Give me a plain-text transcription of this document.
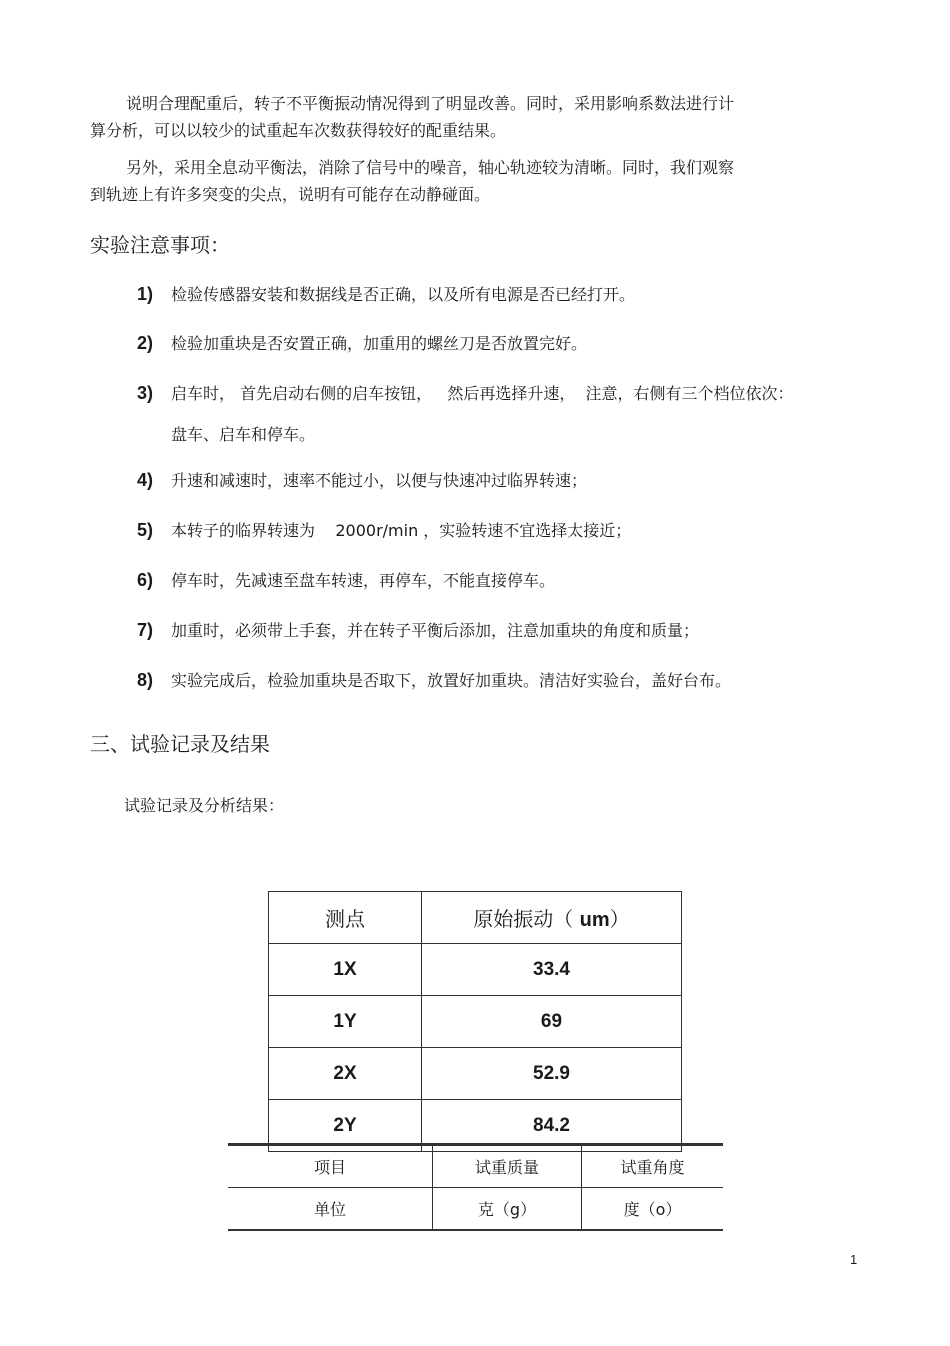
说明合理配重后，转子不平衡振动情况得到了明显改善。同时，采用影响系数法进行计
算分析，可以以较少的试重起车次数获得较好的配重结果。
另外，采用全息动平衡法，消除了信号中的噪音，轴心轨迹较为清晰。同时，我们观察
到轨迹上有许多突变的尖点，说明有可能存在动静碰面。
实验注意事项：
1)	检验传感器安装和数据线是否正确，以及所有电源是否已经打开。
2)	检验加重块是否安置正确，加重用的螺丝刀是否放置完好。
3)	启车时， 首先启动右侧的启车按钮，   然后再选择升速，  注意，右侧有三个档位依次：
盘车、启车和停车。
4)	升速和减速时，速率不能过小，以便与快速冲过临界转速；
5)	本转子的临界转速为    2000r/min ，实验转速不宜选择太接近；
6)	停车时，先减速至盘车转速，再停车，不能直接停车。
7)	加重时，必须带上手套，并在转子平衡后添加，注意加重块的角度和质量；
8)	实验完成后，检验加重块是否取下，放置好加重块。清洁好实验台，盖好台布。
三、试验记录及结果

试验记录及分析结果：

测点	原始振动（ um）
1X	33.4
1Y	69
2X	52.9
2Y	84.2
项目	试重质量	试重角度
单位	克（g）	度（o）
1
